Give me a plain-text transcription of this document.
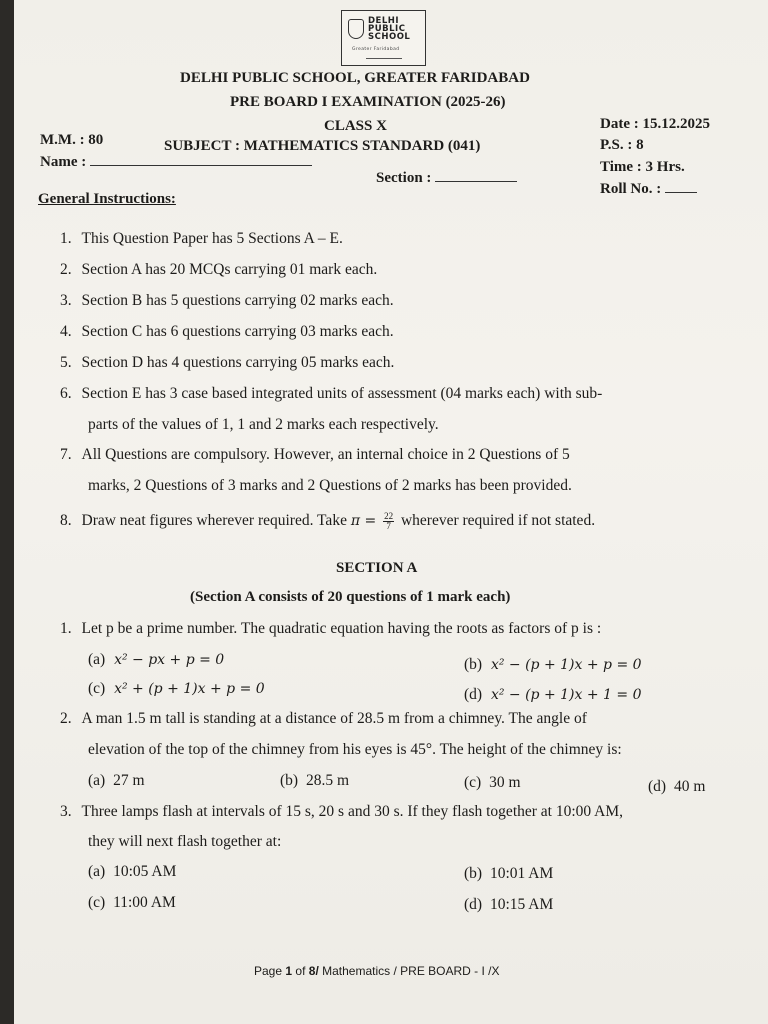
DELHI
PUBLIC
SCHOOL
Greater Faridabad
DELHI PUBLIC SCHOOL, GREATER FARIDABAD
PRE BOARD I EXAMINATION (2025-26)
CLASS X
M.M. : 80	SUBJECT : MATHEMATICS STANDARD (041)
Name :
Section :
Date : 15.12.2025
P.S. : 8
Time : 3 Hrs.
Roll No. :
General Instructions:
1. This Question Paper has 5 Sections A – E.
2. Section A has 20 MCQs carrying 01 mark each.
3. Section B has 5 questions carrying 02 marks each.
4. Section C has 6 questions carrying 03 marks each.
5. Section D has 4 questions carrying 05 marks each.
6. Section E has 3 case based integrated units of assessment (04 marks each) with sub-
parts of the values of 1, 1 and 2 marks each respectively.
7. All Questions are compulsory. However, an internal choice in 2 Questions of 5
marks, 2 Questions of 3 marks and 2 Questions of 2 marks has been provided.
8. Draw neat figures wherever required. Take $\pi = \frac{22}{7}$ wherever required if not stated.
SECTION A
(Section A consists of 20 questions of 1 mark each)
1. Let p be a prime number. The quadratic equation having the roots as factors of p is :
(a) x² − px + p = 0	(b) x² − (p + 1)x + p = 0
(c) x² + (p + 1)x + p = 0	(d) x² − (p + 1)x + 1 = 0
2. A man 1.5 m tall is standing at a distance of 28.5 m from a chimney. The angle of
elevation of the top of the chimney from his eyes is 45°. The height of the chimney is:
(a) 27 m	(b) 28.5 m	(c) 30 m	(d) 40 m
3. Three lamps flash at intervals of 15 s, 20 s and 30 s. If they flash together at 10:00 AM,
they will next flash together at:
(a) 10:05 AM	(b) 10:01 AM
(c) 11:00 AM	(d) 10:15 AM
Page 1 of 8/ Mathematics / PRE BOARD - I /X
